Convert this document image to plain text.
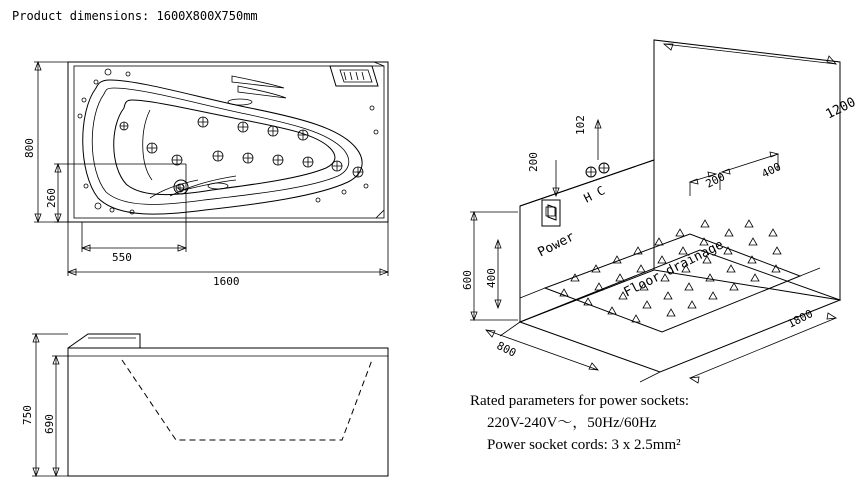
Product dimensions: 1600X800X750mm
800
260
1600
550
750 690
1200
102
200
600 400
800
1800
200	400
Power
H C
Floor drainage
Rated parameters for power sockets:
220V-240V～，50Hz/60Hz
Power socket cords: 3 x 2.5mm²
